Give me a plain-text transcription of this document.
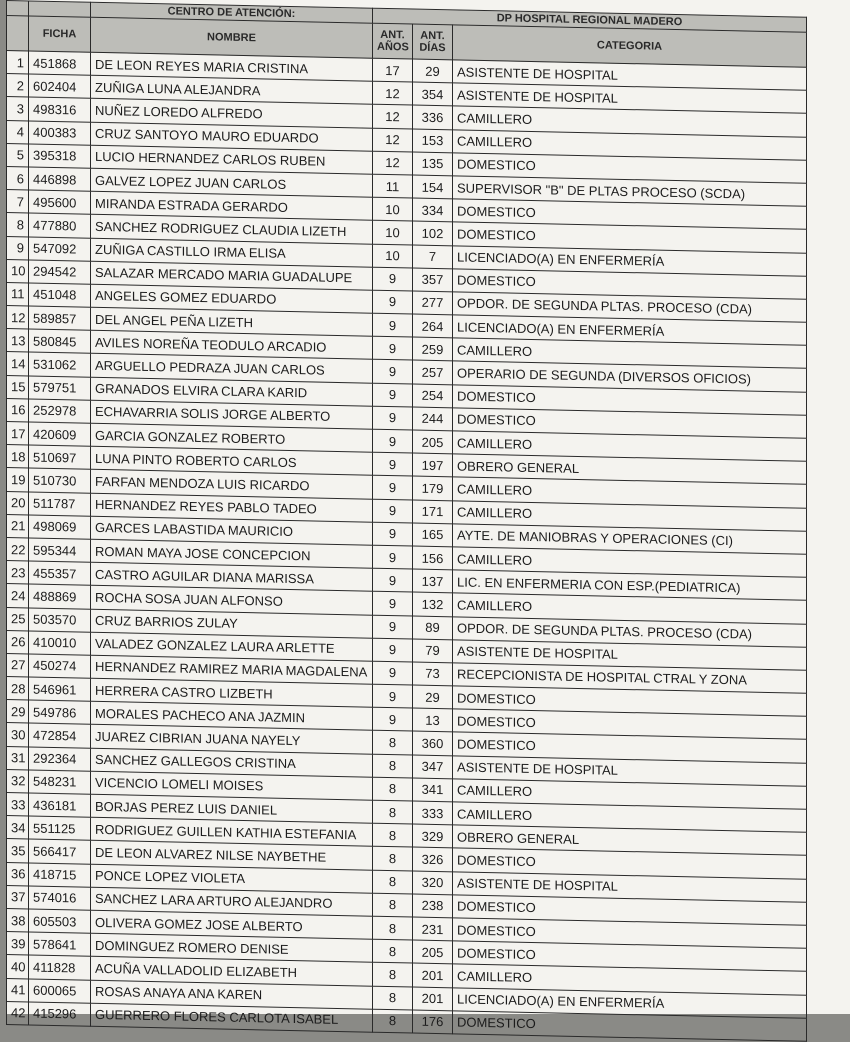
		CENTRO DE ATENCIÓN:	DP HOSPITAL REGIONAL MADERO		
	FICHA	NOMBRE	ANT. AÑOS	ANT. DÍAS	CATEGORIA
1	451868	DE LEON REYES MARIA CRISTINA	17	29	ASISTENTE DE HOSPITAL
2	602404	ZUÑIGA LUNA ALEJANDRA	12	354	ASISTENTE DE HOSPITAL
3	498316	NUÑEZ LOREDO ALFREDO	12	336	CAMILLERO
4	400383	CRUZ SANTOYO MAURO EDUARDO	12	153	CAMILLERO
5	395318	LUCIO HERNANDEZ CARLOS RUBEN	12	135	DOMESTICO
6	446898	GALVEZ LOPEZ JUAN CARLOS	11	154	SUPERVISOR "B" DE PLTAS PROCESO (SCDA)
7	495600	MIRANDA ESTRADA GERARDO	10	334	DOMESTICO
8	477880	SANCHEZ RODRIGUEZ CLAUDIA LIZETH	10	102	DOMESTICO
9	547092	ZUÑIGA CASTILLO IRMA ELISA	10	7	LICENCIADO(A) EN ENFERMERÍA
10	294542	SALAZAR MERCADO MARIA GUADALUPE	9	357	DOMESTICO
11	451048	ANGELES GOMEZ EDUARDO	9	277	OPDOR. DE SEGUNDA PLTAS. PROCESO (CDA)
12	589857	DEL ANGEL PEÑA LIZETH	9	264	LICENCIADO(A) EN ENFERMERÍA
13	580845	AVILES NOREÑA TEODULO ARCADIO	9	259	CAMILLERO
14	531062	ARGUELLO PEDRAZA JUAN CARLOS	9	257	OPERARIO DE SEGUNDA (DIVERSOS OFICIOS)
15	579751	GRANADOS ELVIRA CLARA KARID	9	254	DOMESTICO
16	252978	ECHAVARRIA SOLIS JORGE ALBERTO	9	244	DOMESTICO
17	420609	GARCIA GONZALEZ ROBERTO	9	205	CAMILLERO
18	510697	LUNA PINTO ROBERTO CARLOS	9	197	OBRERO GENERAL
19	510730	FARFAN MENDOZA LUIS RICARDO	9	179	CAMILLERO
20	511787	HERNANDEZ REYES PABLO TADEO	9	171	CAMILLERO
21	498069	GARCES LABASTIDA MAURICIO	9	165	AYTE. DE MANIOBRAS Y OPERACIONES (CI)
22	595344	ROMAN MAYA JOSE CONCEPCION	9	156	CAMILLERO
23	455357	CASTRO AGUILAR DIANA MARISSA	9	137	LIC. EN ENFERMERIA CON ESP.(PEDIATRICA)
24	488869	ROCHA SOSA JUAN ALFONSO	9	132	CAMILLERO
25	503570	CRUZ BARRIOS ZULAY	9	89	OPDOR. DE SEGUNDA PLTAS. PROCESO (CDA)
26	410010	VALADEZ GONZALEZ LAURA ARLETTE	9	79	ASISTENTE DE HOSPITAL
27	450274	HERNANDEZ RAMIREZ MARIA MAGDALENA	9	73	RECEPCIONISTA DE HOSPITAL CTRAL Y ZONA
28	546961	HERRERA CASTRO LIZBETH	9	29	DOMESTICO
29	549786	MORALES PACHECO ANA JAZMIN	9	13	DOMESTICO
30	472854	JUAREZ CIBRIAN JUANA NAYELY	8	360	DOMESTICO
31	292364	SANCHEZ GALLEGOS CRISTINA	8	347	ASISTENTE DE HOSPITAL
32	548231	VICENCIO LOMELI MOISES	8	341	CAMILLERO
33	436181	BORJAS PEREZ LUIS DANIEL	8	333	CAMILLERO
34	551125	RODRIGUEZ GUILLEN KATHIA ESTEFANIA	8	329	OBRERO GENERAL
35	566417	DE LEON ALVAREZ NILSE NAYBETHE	8	326	DOMESTICO
36	418715	PONCE LOPEZ VIOLETA	8	320	ASISTENTE DE HOSPITAL
37	574016	SANCHEZ LARA ARTURO ALEJANDRO	8	238	DOMESTICO
38	605503	OLIVERA GOMEZ JOSE ALBERTO	8	231	DOMESTICO
39	578641	DOMINGUEZ ROMERO DENISE	8	205	DOMESTICO
40	411828	ACUÑA VALLADOLID ELIZABETH	8	201	CAMILLERO
41	600065	ROSAS ANAYA ANA KAREN	8	201	LICENCIADO(A) EN ENFERMERÍA
42	415296	GUERRERO FLORES CARLOTA ISABEL	8	176	DOMESTICO
